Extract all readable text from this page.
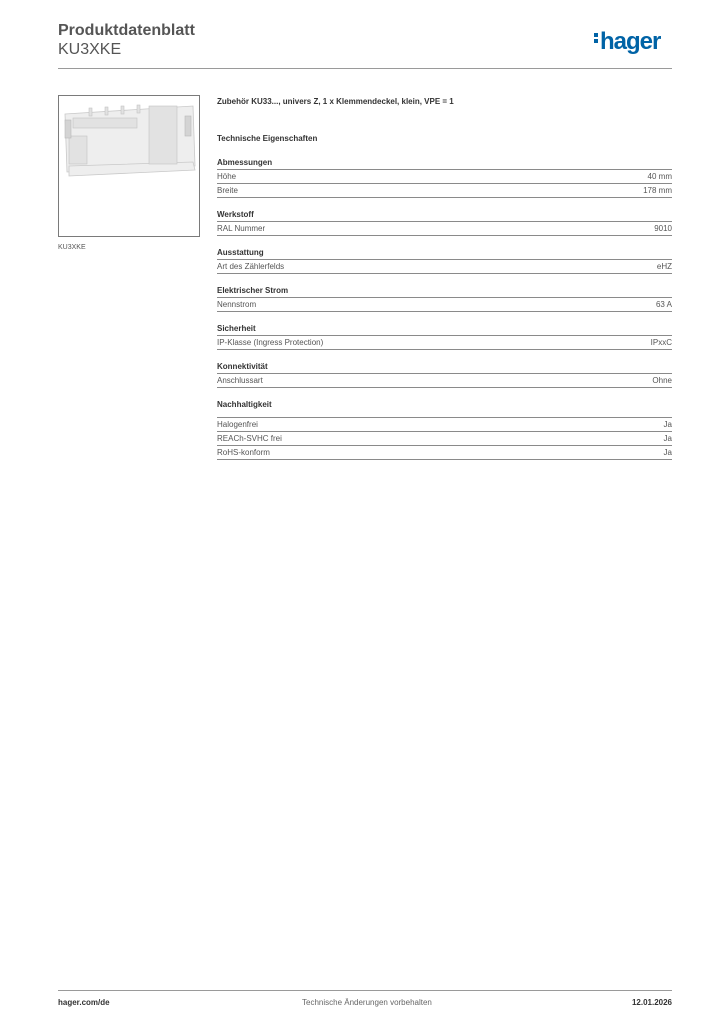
Produktdatenblatt
KU3XKE	hager
KU3XKE
Zubehör KU33..., univers Z, 1 x Klemmendeckel, klein, VPE = 1
Technische Eigenschaften
Abmessungen
Höhe	40 mm
Breite	178 mm
Werkstoff
RAL Nummer	9010
Ausstattung
Art des Zählerfelds	eHZ
Elektrischer Strom
Nennstrom	63 A
Sicherheit
IP-Klasse (Ingress Protection)	IPxxC
Konnektivität
Anschlussart	Ohne
Nachhaltigkeit
Halogenfrei	Ja
REACh-SVHC frei	Ja
RoHS-konform	Ja
hager.com/de	Technische Änderungen vorbehalten	12.01.2026
